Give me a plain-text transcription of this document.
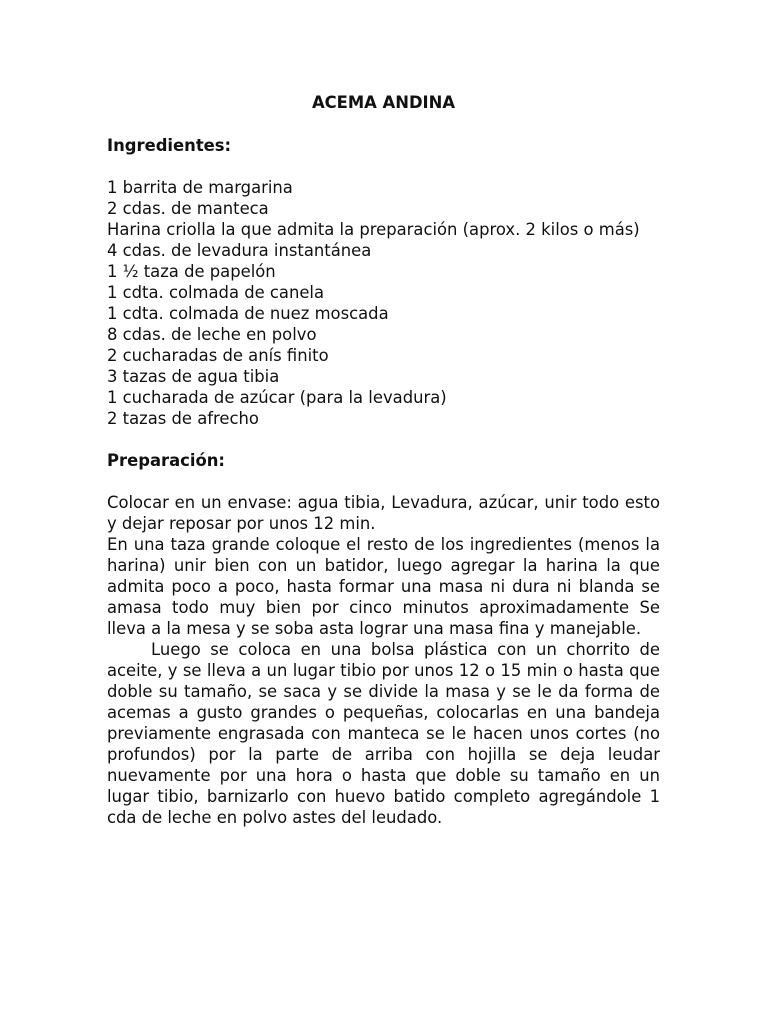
ACEMA ANDINA

Ingredientes:

1 barrita de margarina
2 cdas. de manteca
Harina criolla la que admita la preparación (aprox. 2 kilos o más)
4 cdas. de levadura instantánea
1 ½ taza de papelón
1 cdta. colmada de canela
1 cdta. colmada de nuez moscada
8 cdas. de leche en polvo
2 cucharadas de anís finito
3 tazas de agua tibia
1 cucharada de azúcar (para la levadura)
2 tazas de afrecho

Preparación:

Colocar en un envase: agua tibia, Levadura, azúcar, unir todo esto y dejar reposar por unos 12 min.

En una taza grande coloque el resto de los ingredientes (menos la harina) unir bien con un batidor, luego agregar la harina la que admita poco a poco, hasta formar una masa ni dura ni blanda se amasa todo muy bien por cinco minutos aproximadamente Se lleva a la mesa y se soba asta lograr una masa fina y manejable.

Luego se coloca en una bolsa plástica con un chorrito de aceite, y se lleva a un lugar tibio por unos 12 o 15 min o hasta que doble su tamaño, se saca y se divide la masa y se le da forma de acemas a gusto grandes o pequeñas, colocarlas en una bandeja previamente engrasada con manteca se le hacen unos cortes (no profundos) por la parte de arriba con hojilla se deja leudar nuevamente por una hora o hasta que doble su tamaño en un lugar tibio, barnizarlo con huevo batido completo agregándole 1 cda de leche en polvo astes del leudado.
